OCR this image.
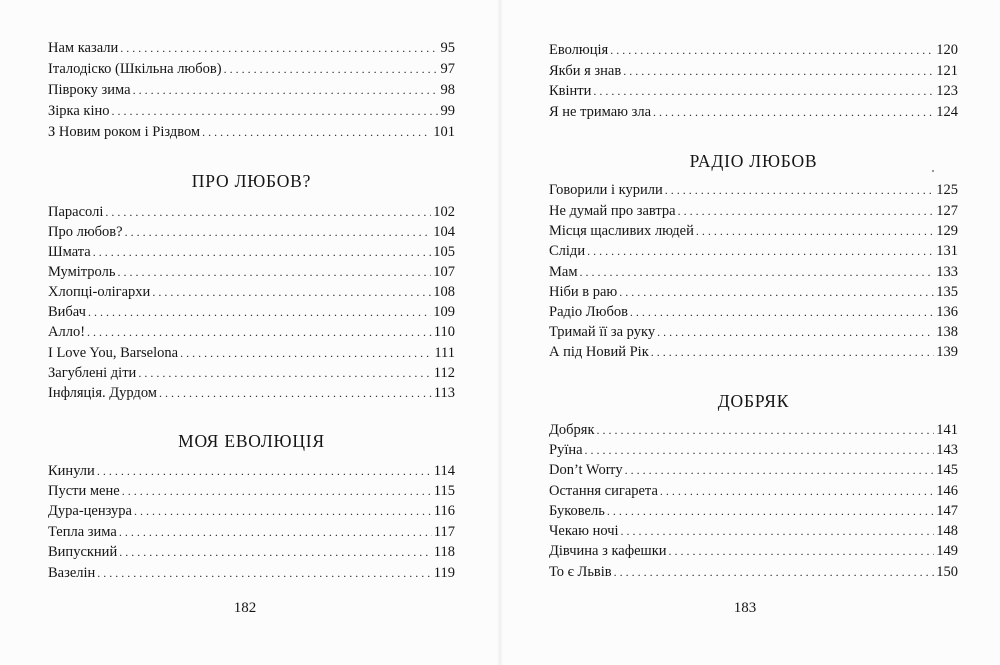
Нам казали . . .	95
Італодіско (Шкільна любов) . . .	97
Півроку зима . . .	98
Зірка кіно . . .	99
З Новим роком і Різдвом . . .	101
ПРО ЛЮБОВ?
Парасолі . . .	102
Про любов? . . .	104
Шмата . . .	105
Мумітроль . . .	107
Хлопці-олігархи . . .	108
Вибач . . .	109
Алло! . . .	110
I Love You, Barselona . . .	111
Загублені діти . . .	112
Інфляція. Дурдом . . .	113
МОЯ ЕВОЛЮЦІЯ
Кинули . . .	114
Пусти мене . . .	115
Дура-цензура . . .	116
Тепла зима . . .	117
Випускний . . .	118
Вазелін . . .	119
182
Еволюція . . .	120
Якби я знав . . .	121
Квінти . . .	123
Я не тримаю зла . . .	124
РАДІО ЛЮБОВ
Говорили і курили . . .	125
Не думай про завтра . . .	127
Місця щасливих людей . . .	129
Сліди . . .	131
Мам . . .	133
Ніби в раю . . .	135
Радіо Любов . . .	136
Тримай її за руку . . .	138
А під Новий Рік . . .	139
ДОБРЯК
Добряк . . .	141
Руїна . . .	143
Don’t Worry . . .	145
Остання сигарета . . .	146
Буковель . . .	147
Чекаю ночі . . .	148
Дівчина з кафешки . . .	149
То є Львів . . .	150
183
